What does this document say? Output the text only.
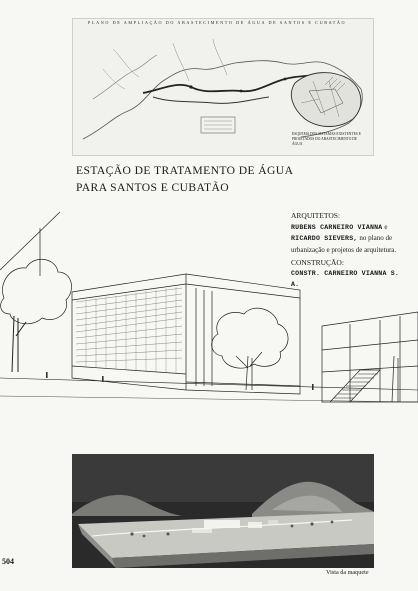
PLANO DE AMPLIAÇÃO DO ABASTECIMENTO DE ÁGUA DE SANTOS E CUBATÃO
ESQUEMA DOS SISTEMAS EXISTENTES E PROJETADOS DO ABASTECIMENTO DE ÁGUA
ESTAÇÃO DE TRATAMENTO DE ÁGUA
PARA SANTOS E CUBATÃO
ARQUITETOS:
RUBENS CARNEIRO VIANNA e
RICARDO SIEVERS, no plano de urbanização e projetos de arquitetura.
CONSTRUÇÃO:
CONSTR. CARNEIRO VIANNA S. A.
504
Vista da maquete
